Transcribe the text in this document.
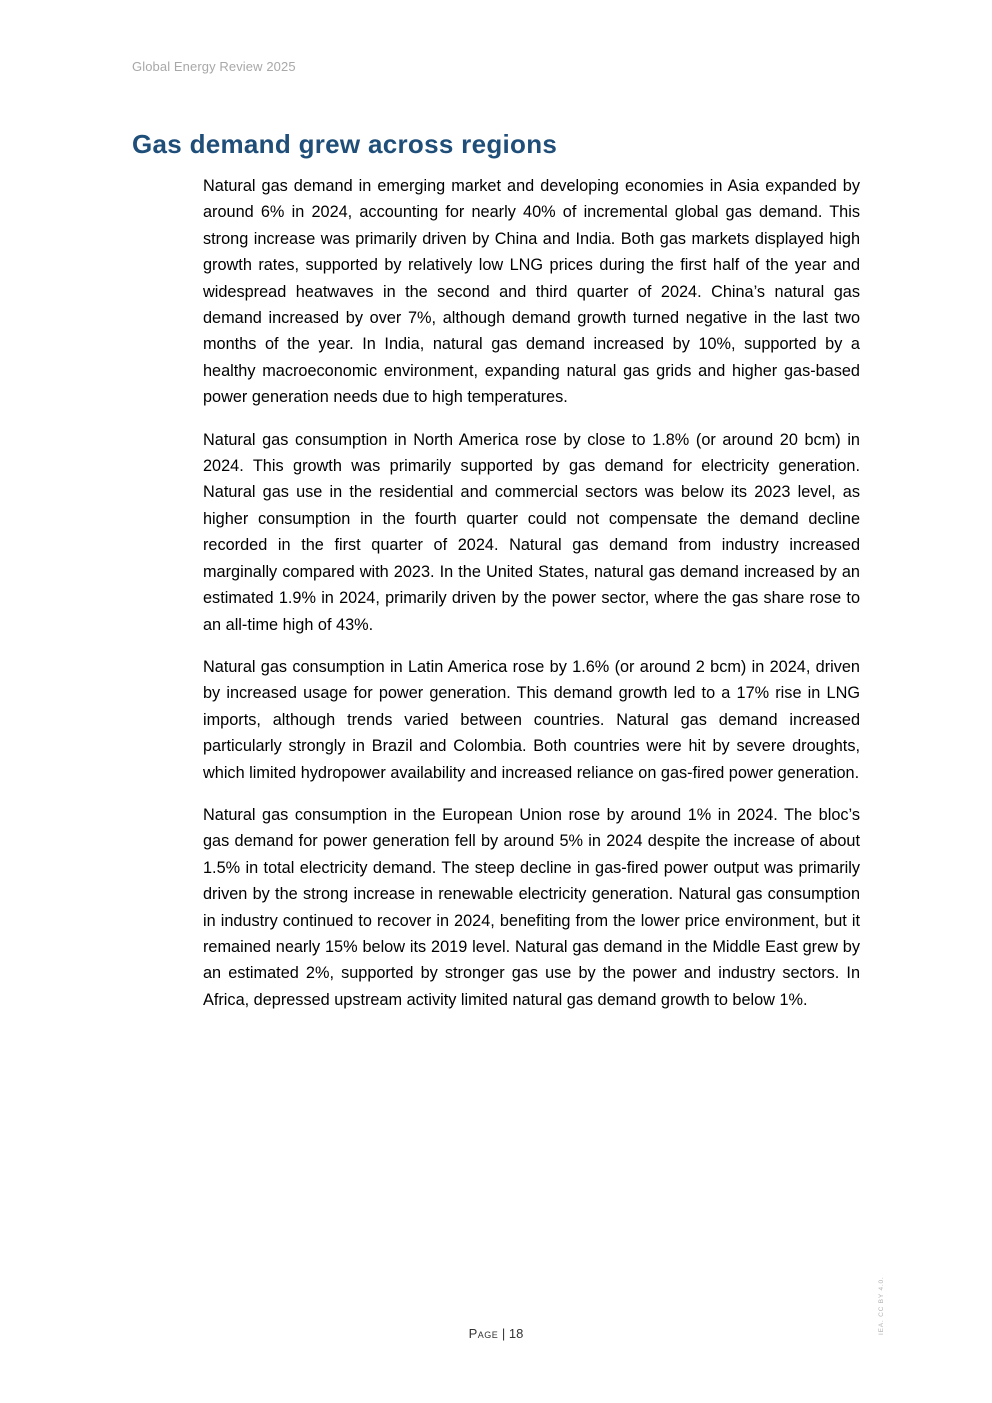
Global Energy Review 2025
Gas demand grew across regions

Natural gas demand in emerging market and developing economies in Asia expanded by around 6% in 2024, accounting for nearly 40% of incremental global gas demand. This strong increase was primarily driven by China and India. Both gas markets displayed high growth rates, supported by relatively low LNG prices during the first half of the year and widespread heatwaves in the second and third quarter of 2024. China’s natural gas demand increased by over 7%, although demand growth turned negative in the last two months of the year. In India, natural gas demand increased by 10%, supported by a healthy macroeconomic environment, expanding natural gas grids and higher gas-based power generation needs due to high temperatures.

Natural gas consumption in North America rose by close to 1.8% (or around 20 bcm) in 2024. This growth was primarily supported by gas demand for electricity generation. Natural gas use in the residential and commercial sectors was below its 2023 level, as higher consumption in the fourth quarter could not compensate the demand decline recorded in the first quarter of 2024. Natural gas demand from industry increased marginally compared with 2023. In the United States, natural gas demand increased by an estimated 1.9% in 2024, primarily driven by the power sector, where the gas share rose to an all-time high of 43%.

Natural gas consumption in Latin America rose by 1.6% (or around 2 bcm) in 2024, driven by increased usage for power generation. This demand growth led to a 17% rise in LNG imports, although trends varied between countries. Natural gas demand increased particularly strongly in Brazil and Colombia. Both countries were hit by severe droughts, which limited hydropower availability and increased reliance on gas-fired power generation.

Natural gas consumption in the European Union rose by around 1% in 2024. The bloc’s gas demand for power generation fell by around 5% in 2024 despite the increase of about 1.5% in total electricity demand. The steep decline in gas-fired power output was primarily driven by the strong increase in renewable electricity generation. Natural gas consumption in industry continued to recover in 2024, benefiting from the lower price environment, but it remained nearly 15% below its 2019 level. Natural gas demand in the Middle East grew by an estimated 2%, supported by stronger gas use by the power and industry sectors. In Africa, depressed upstream activity limited natural gas demand growth to below 1%.

Page | 18	IEA. CC BY 4.0.
